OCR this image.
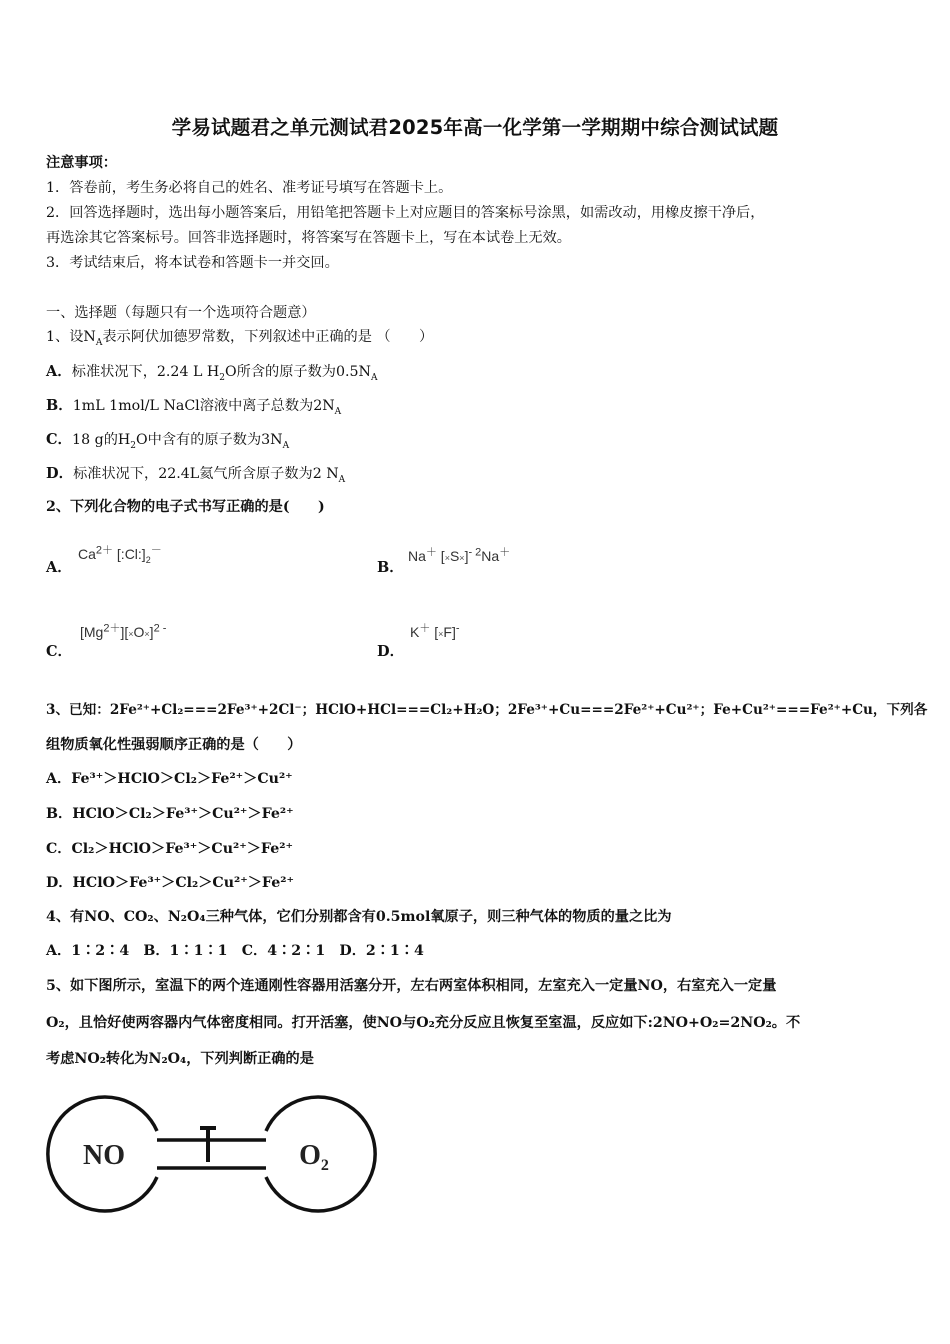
学易试题君之单元测试君2025年高一化学第一学期期中综合测试试题
注意事项：
1．答卷前，考生务必将自己的姓名、准考证号填写在答题卡上。
2．回答选择题时，选出每小题答案后，用铅笔把答题卡上对应题目的答案标号涂黑，如需改动，用橡皮擦干净后，
再选涂其它答案标号。回答非选择题时，将答案写在答题卡上，写在本试卷上无效。
3．考试结束后，将本试卷和答题卡一并交回。
一、选择题（每题只有一个选项符合题意）
1、设$N_A$表示阿伏加德罗常数，下列叙述中正确的是 （　　）
A．标准状况下，2.24 L $H_2O$所含的原子数为$0.5N_A$
B．1mL 1mol/L NaCl溶液中离子总数为$2N_A$
C．18 g的$H_2O$中含有的原子数为$3N_A$
D．标准状况下，22.4L氦气所含原子数为2 $N_A$
2、下列化合物的电子式书写正确的是(　　)
A．
$Ca^{2+}$ $[:Cl:]_2^-$
B．
Na＋ $[\times S\times]^{- 2}Na^+$
C．
$[Mg^{2+}][\times O\times]^{2 -}$
D．
K＋ [×F]-
3、已知：2Fe²⁺+Cl₂===2Fe³⁺+2Cl⁻；HClO+HCl===Cl₂+H₂O；2Fe³⁺+Cu===2Fe²⁺+Cu²⁺；Fe+Cu²⁺===Fe²⁺+Cu，下列各
组物质氧化性强弱顺序正确的是（　　）
A．Fe³⁺＞HClO＞Cl₂＞Fe²⁺＞Cu²⁺
B．HClO＞Cl₂＞Fe³⁺＞Cu²⁺＞Fe²⁺
C．Cl₂＞HClO＞Fe³⁺＞Cu²⁺＞Fe²⁺
D．HClO＞Fe³⁺＞Cl₂＞Cu²⁺＞Fe²⁺
4、有NO、CO₂、N₂O₄三种气体，它们分别都含有0.5mol氧原子，则三种气体的物质的量之比为
A．1∶2∶4　B．1∶1∶1　C．4∶2∶1　D．2∶1∶4
5、如下图所示，室温下的两个连通刚性容器用活塞分开，左右两室体积相同，左室充入一定量NO，右室充入一定量
O₂，且恰好使两容器内气体密度相同。打开活塞，使NO与O₂充分反应且恢复至室温，反应如下:2NO+O₂=2NO₂。不
考虑NO₂转化为N₂O₄，下列判断正确的是
NO	$O_2$
